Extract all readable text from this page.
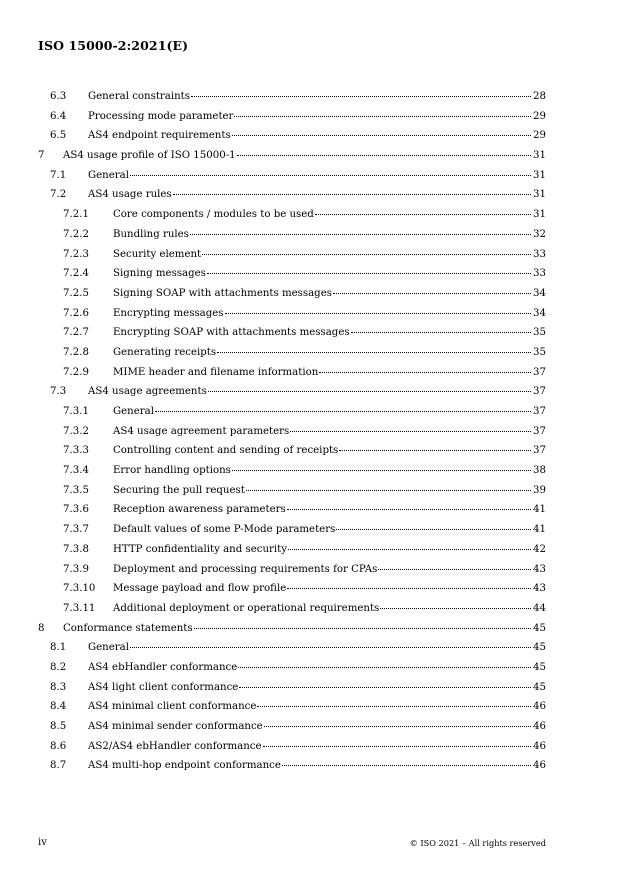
ISO 15000-2:2021(E)
6.3	General constraints	28
6.4	Processing mode parameter	29
6.5	AS4 endpoint requirements	29
7	AS4 usage profile of ISO 15000-1	31
7.1	General	31
7.2	AS4 usage rules	31
7.2.1	Core components / modules to be used	31
7.2.2	Bundling rules	32
7.2.3	Security element	33
7.2.4	Signing messages	33
7.2.5	Signing SOAP with attachments messages	34
7.2.6	Encrypting messages	34
7.2.7	Encrypting SOAP with attachments messages	35
7.2.8	Generating receipts	35
7.2.9	MIME header and filename information	37
7.3	AS4 usage agreements	37
7.3.1	General	37
7.3.2	AS4 usage agreement parameters	37
7.3.3	Controlling content and sending of receipts	37
7.3.4	Error handling options	38
7.3.5	Securing the pull request	39
7.3.6	Reception awareness parameters	41
7.3.7	Default values of some P-Mode parameters	41
7.3.8	HTTP confidentiality and security	42
7.3.9	Deployment and processing requirements for CPAs	43
7.3.10	Message payload and flow profile	43
7.3.11	Additional deployment or operational requirements	44
8	Conformance statements	45
8.1	General	45
8.2	AS4 ebHandler conformance	45
8.3	AS4 light client conformance	45
8.4	AS4 minimal client conformance	46
8.5	AS4 minimal sender conformance	46
8.6	AS2/AS4 ebHandler conformance	46
8.7	AS4 multi-hop endpoint conformance	46
iv	© ISO 2021 – All rights reserved
